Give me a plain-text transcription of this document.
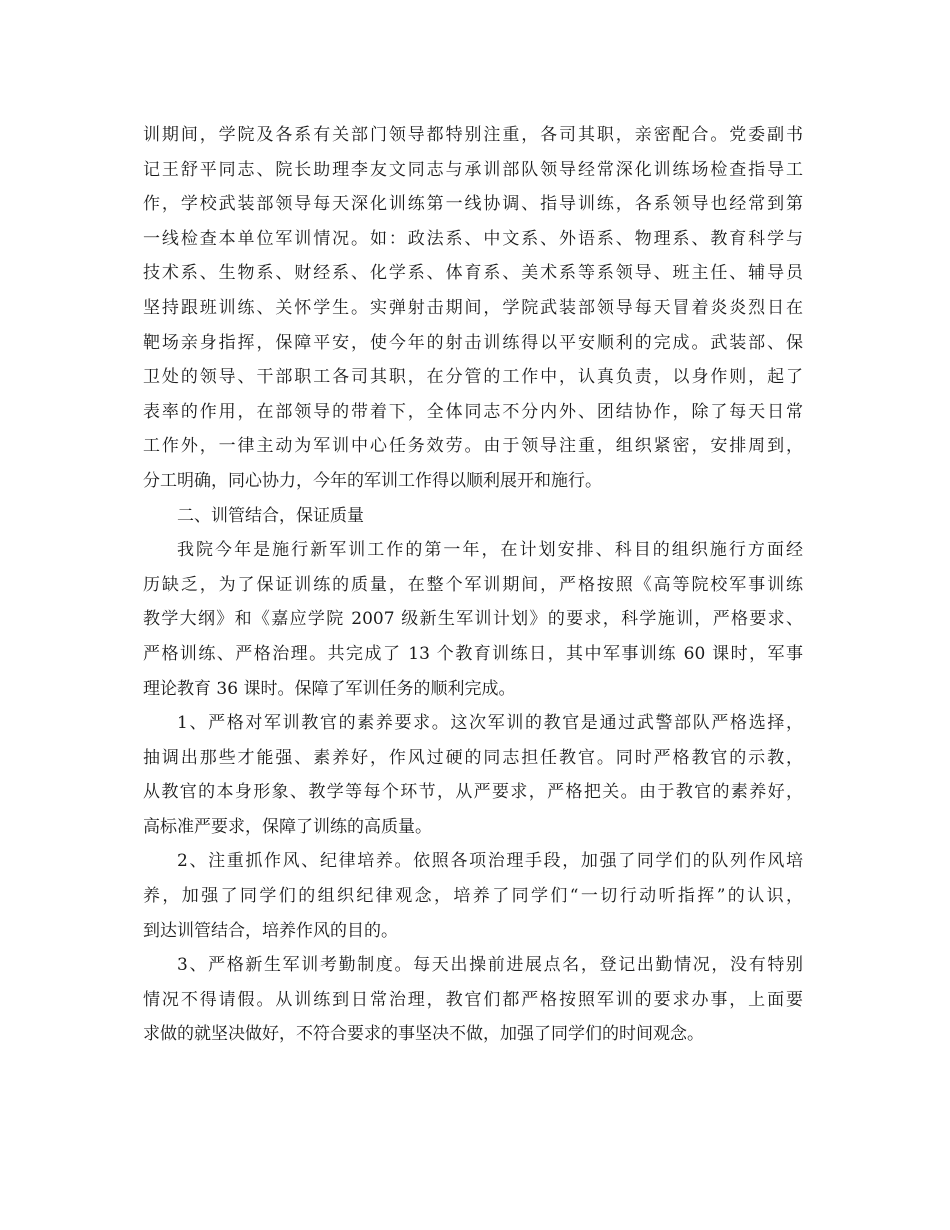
训期间，学院及各系有关部门领导都特别注重，各司其职，亲密配合。党委副书
记王舒平同志、院长助理李友文同志与承训部队领导经常深化训练场检查指导工
作，学校武装部领导每天深化训练第一线协调、指导训练，各系领导也经常到第
一线检查本单位军训情况。如：政法系、中文系、外语系、物理系、教育科学与
技术系、生物系、财经系、化学系、体育系、美术系等系领导、班主任、辅导员
坚持跟班训练、关怀学生。实弹射击期间，学院武装部领导每天冒着炎炎烈日在
靶场亲身指挥，保障平安，使今年的射击训练得以平安顺利的完成。武装部、保
卫处的领导、干部职工各司其职，在分管的工作中，认真负责，以身作则，起了
表率的作用，在部领导的带着下，全体同志不分内外、团结协作，除了每天日常
工作外，一律主动为军训中心任务效劳。由于领导注重，组织紧密，安排周到，
分工明确，同心协力，今年的军训工作得以顺利展开和施行。
二、训管结合，保证质量
我院今年是施行新军训工作的第一年，在计划安排、科目的组织施行方面经
历缺乏，为了保证训练的质量，在整个军训期间，严格按照《高等院校军事训练
教学大纲》和《嘉应学院 2007 级新生军训计划》的要求，科学施训，严格要求、
严格训练、严格治理。共完成了 13 个教育训练日，其中军事训练 60 课时，军事
理论教育 36 课时。保障了军训任务的顺利完成。
1、严格对军训教官的素养要求。这次军训的教官是通过武警部队严格选择，
抽调出那些才能强、素养好，作风过硬的同志担任教官。同时严格教官的示教，
从教官的本身形象、教学等每个环节，从严要求，严格把关。由于教官的素养好，
高标准严要求，保障了训练的高质量。
2、注重抓作风、纪律培养。依照各项治理手段，加强了同学们的队列作风培
养，加强了同学们的组织纪律观念，培养了同学们“一切行动听指挥”的认识，
到达训管结合，培养作风的目的。
3、严格新生军训考勤制度。每天出操前进展点名，登记出勤情况，没有特别
情况不得请假。从训练到日常治理，教官们都严格按照军训的要求办事，上面要
求做的就坚决做好，不符合要求的事坚决不做，加强了同学们的时间观念。
